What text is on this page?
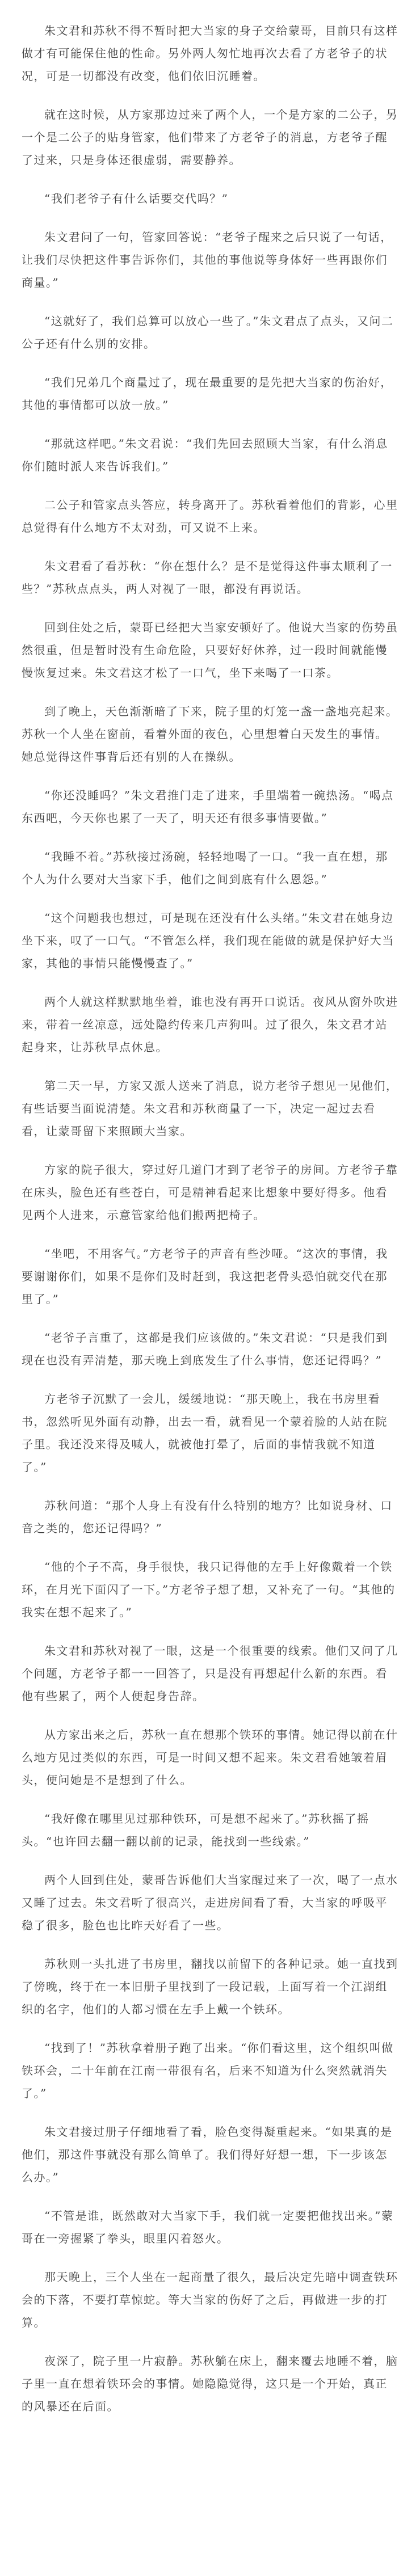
朱文君和苏秋不得不暂时把大当家的身子交给蒙哥，目前只有这样做才有可能保住他的性命。另外两人匆忙地再次去看了方老爷子的状况，可是一切都没有改变，他们依旧沉睡着。

就在这时候，从方家那边过来了两个人，一个是方家的二公子，另一个是二公子的贴身管家，他们带来了方老爷子的消息，方老爷子醒了过来，只是身体还很虚弱，需要静养。

“我们老爷子有什么话要交代吗？”

朱文君问了一句，管家回答说：“老爷子醒来之后只说了一句话，让我们尽快把这件事告诉你们，其他的事他说等身体好一些再跟你们商量。”

“这就好了，我们总算可以放心一些了。”朱文君点了点头，又问二公子还有什么别的安排。

“我们兄弟几个商量过了，现在最重要的是先把大当家的伤治好，其他的事情都可以放一放。”

“那就这样吧。”朱文君说：“我们先回去照顾大当家，有什么消息你们随时派人来告诉我们。”

二公子和管家点头答应，转身离开了。苏秋看着他们的背影，心里总觉得有什么地方不太对劲，可又说不上来。

朱文君看了看苏秋：“你在想什么？是不是觉得这件事太顺利了一些？”苏秋点点头，两人对视了一眼，都没有再说话。

回到住处之后，蒙哥已经把大当家安顿好了。他说大当家的伤势虽然很重，但是暂时没有生命危险，只要好好休养，过一段时间就能慢慢恢复过来。朱文君这才松了一口气，坐下来喝了一口茶。

到了晚上，天色渐渐暗了下来，院子里的灯笼一盏一盏地亮起来。苏秋一个人坐在窗前，看着外面的夜色，心里想着白天发生的事情。她总觉得这件事背后还有别的人在操纵。

“你还没睡吗？”朱文君推门走了进来，手里端着一碗热汤。“喝点东西吧，今天你也累了一天了，明天还有很多事情要做。”

“我睡不着。”苏秋接过汤碗，轻轻地喝了一口。“我一直在想，那个人为什么要对大当家下手，他们之间到底有什么恩怨。”

“这个问题我也想过，可是现在还没有什么头绪。”朱文君在她身边坐下来，叹了一口气。“不管怎么样，我们现在能做的就是保护好大当家，其他的事情只能慢慢查了。”

两个人就这样默默地坐着，谁也没有再开口说话。夜风从窗外吹进来，带着一丝凉意，远处隐约传来几声狗叫。过了很久，朱文君才站起身来，让苏秋早点休息。

第二天一早，方家又派人送来了消息，说方老爷子想见一见他们，有些话要当面说清楚。朱文君和苏秋商量了一下，决定一起过去看看，让蒙哥留下来照顾大当家。

方家的院子很大，穿过好几道门才到了老爷子的房间。方老爷子靠在床头，脸色还有些苍白，可是精神看起来比想象中要好得多。他看见两个人进来，示意管家给他们搬两把椅子。

“坐吧，不用客气。”方老爷子的声音有些沙哑。“这次的事情，我要谢谢你们，如果不是你们及时赶到，我这把老骨头恐怕就交代在那里了。”

“老爷子言重了，这都是我们应该做的。”朱文君说：“只是我们到现在也没有弄清楚，那天晚上到底发生了什么事情，您还记得吗？”

方老爷子沉默了一会儿，缓缓地说：“那天晚上，我在书房里看书，忽然听见外面有动静，出去一看，就看见一个蒙着脸的人站在院子里。我还没来得及喊人，就被他打晕了，后面的事情我就不知道了。”

苏秋问道：“那个人身上有没有什么特别的地方？比如说身材、口音之类的，您还记得吗？”

“他的个子不高，身手很快，我只记得他的左手上好像戴着一个铁环，在月光下面闪了一下。”方老爷子想了想，又补充了一句。“其他的我实在想不起来了。”

朱文君和苏秋对视了一眼，这是一个很重要的线索。他们又问了几个问题，方老爷子都一一回答了，只是没有再想起什么新的东西。看他有些累了，两个人便起身告辞。

从方家出来之后，苏秋一直在想那个铁环的事情。她记得以前在什么地方见过类似的东西，可是一时间又想不起来。朱文君看她皱着眉头，便问她是不是想到了什么。

“我好像在哪里见过那种铁环，可是想不起来了。”苏秋摇了摇头。“也许回去翻一翻以前的记录，能找到一些线索。”

两个人回到住处，蒙哥告诉他们大当家醒过来了一次，喝了一点水又睡了过去。朱文君听了很高兴，走进房间看了看，大当家的呼吸平稳了很多，脸色也比昨天好看了一些。

苏秋则一头扎进了书房里，翻找以前留下的各种记录。她一直找到了傍晚，终于在一本旧册子里找到了一段记载，上面写着一个江湖组织的名字，他们的人都习惯在左手上戴一个铁环。

“找到了！”苏秋拿着册子跑了出来。“你们看这里，这个组织叫做铁环会，二十年前在江南一带很有名，后来不知道为什么突然就消失了。”

朱文君接过册子仔细地看了看，脸色变得凝重起来。“如果真的是他们，那这件事就没有那么简单了。我们得好好想一想，下一步该怎么办。”

“不管是谁，既然敢对大当家下手，我们就一定要把他找出来。”蒙哥在一旁握紧了拳头，眼里闪着怒火。

那天晚上，三个人坐在一起商量了很久，最后决定先暗中调查铁环会的下落，不要打草惊蛇。等大当家的伤好了之后，再做进一步的打算。

夜深了，院子里一片寂静。苏秋躺在床上，翻来覆去地睡不着，脑子里一直在想着铁环会的事情。她隐隐觉得，这只是一个开始，真正的风暴还在后面。
